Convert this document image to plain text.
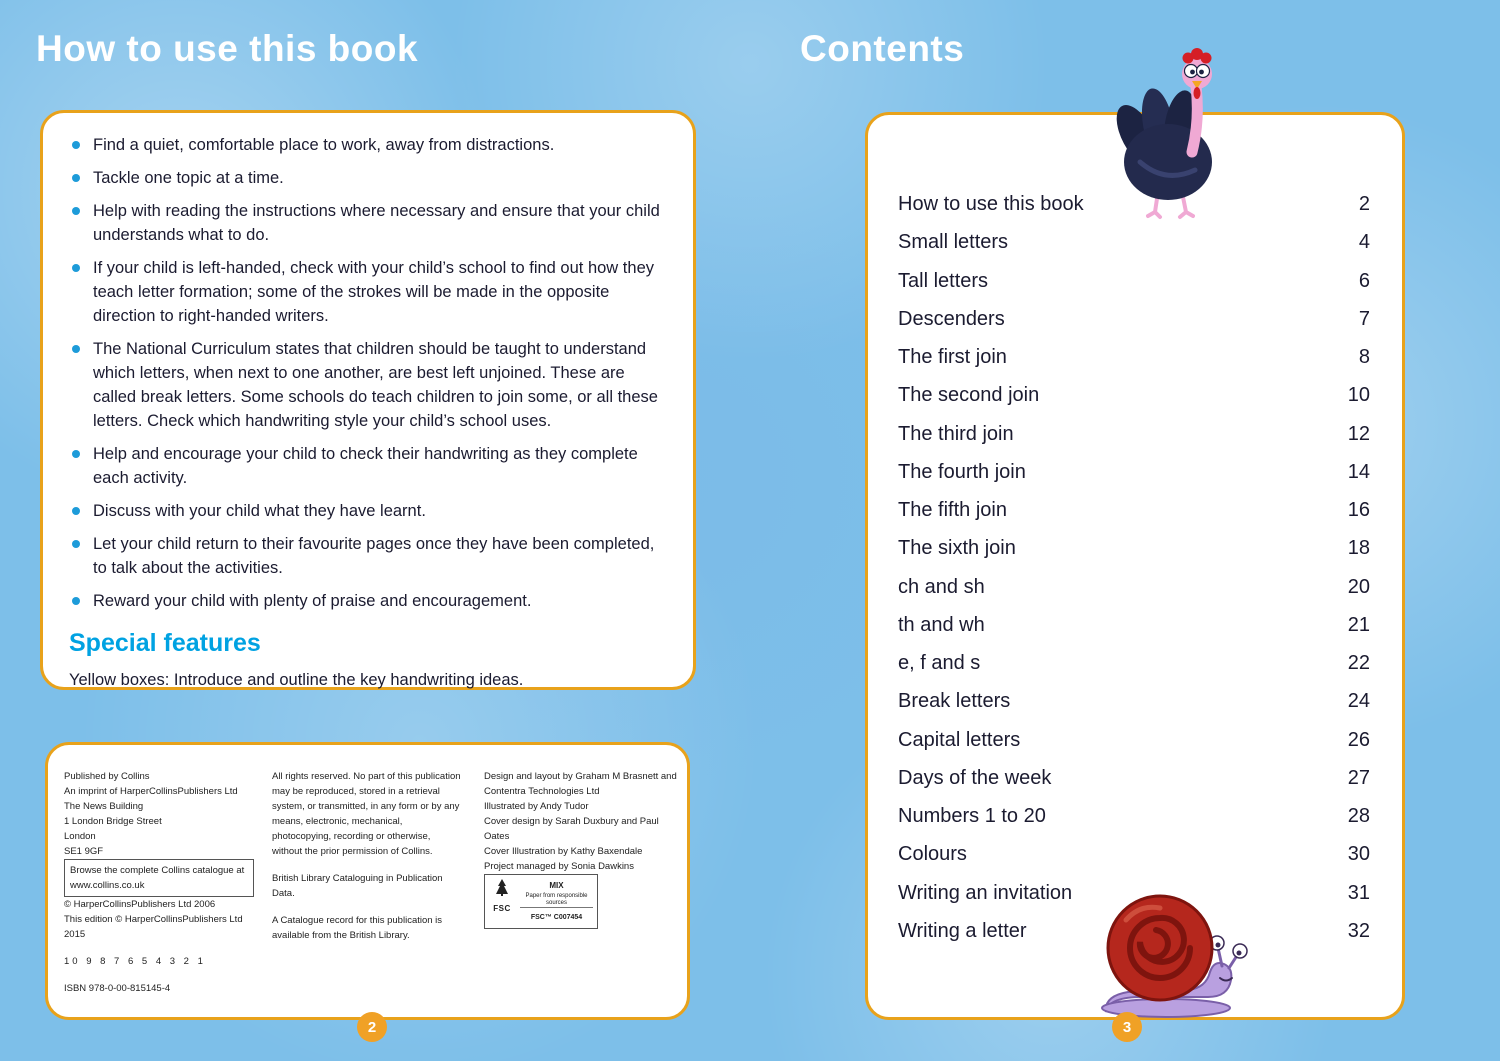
How to use this book
Find a quiet, comfortable place to work, away from distractions.
Tackle one topic at a time.
Help with reading the instructions where necessary and ensure that your child understands what to do.
If your child is left-handed, check with your child’s school to find out how they teach letter formation; some of the strokes will be made in the opposite direction to right-handed writers.
The National Curriculum states that children should be taught to understand which letters, when next to one another, are best left unjoined. These are called break letters. Some schools do teach children to join some, or all these letters. Check which handwriting style your child’s school uses.
Help and encourage your child to check their handwriting as they complete each activity.
Discuss with your child what they have learnt.
Let your child return to their favourite pages once they have been completed, to talk about the activities.
Reward your child with plenty of praise and encouragement.
Special features
Yellow boxes: Introduce and outline the key handwriting ideas.
Published by Collins
An imprint of HarperCollinsPublishers Ltd
The News Building
1 London Bridge Street
London
SE1 9GF
Browse the complete Collins catalogue at www.collins.co.uk
© HarperCollinsPublishers Ltd 2006
This edition © HarperCollinsPublishers Ltd 2015
10 9 8 7 6 5 4 3 2 1
ISBN 978-0-00-815145-4
All rights reserved. No part of this publication may be reproduced, stored in a retrieval system, or transmitted, in any form or by any means, electronic, mechanical, photocopying, recording or otherwise, without the prior permission of Collins.
British Library Cataloguing in Publication Data.
A Catalogue record for this publication is available from the British Library.
Design and layout by Graham M Brasnett and Contentra Technologies Ltd
Illustrated by Andy Tudor
Cover design by Sarah Duxbury and Paul Oates
Cover Illustration by Kathy Baxendale
Project managed by Sonia Dawkins
FSC
MIX
Paper from responsible sources
FSC™ C007454
2
Contents
How to use this book	2
Small letters	4
Tall letters	6
Descenders	7
The first join	8
The second join	10
The third join	12
The fourth join	14
The fifth join	16
The sixth join	18
ch and sh	20
th and wh	21
e, f and s	22
Break letters	24
Capital letters	26
Days of the week	27
Numbers 1 to 20	28
Colours	30
Writing an invitation	31
Writing a letter	32
3
